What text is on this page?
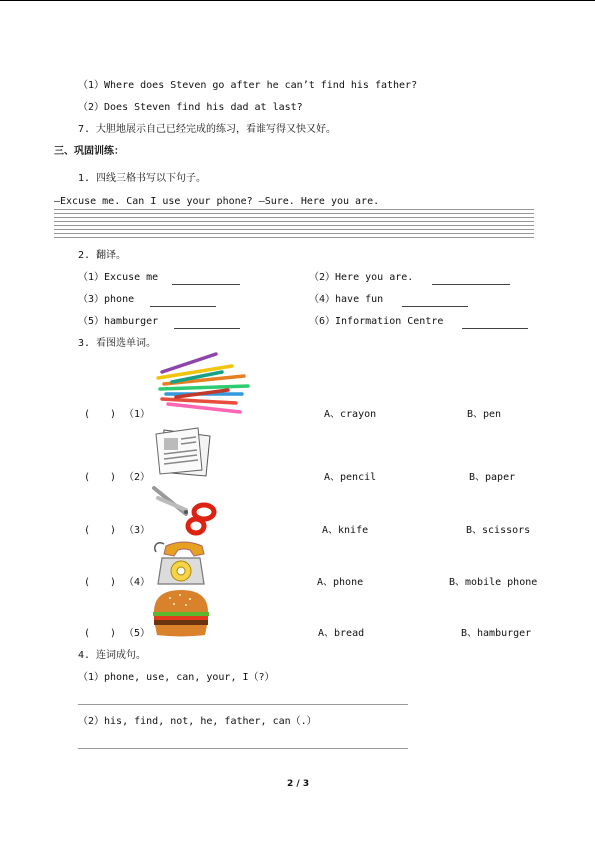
（1）Where does Steven go after he can’t find his father?
（2）Does Steven find his dad at last?
7. 大胆地展示自己已经完成的练习，看谁写得又快又好。
三、巩固训练：
1. 四线三格书写以下句子。
—Excuse me. Can I use your phone? —Sure. Here you are.
2. 翻译。
（1）Excuse me	（2）Here you are.
（3）phone	（4）have fun
（5）hamburger	（6）Information Centre
3. 看图选单词。
(　　) （1）	A、crayon	B、pen
(　　) （2）	A、pencil	B、paper
(　　) （3）	A、knife	B、scissors
(　　) （4）	A、phone	B、mobile phone
(　　) （5）	A、bread	B、hamburger
4. 连词成句。
（1）phone, use, can, your, I（?）
（2）his, find, not, he, father, can（.）
2 / 3
